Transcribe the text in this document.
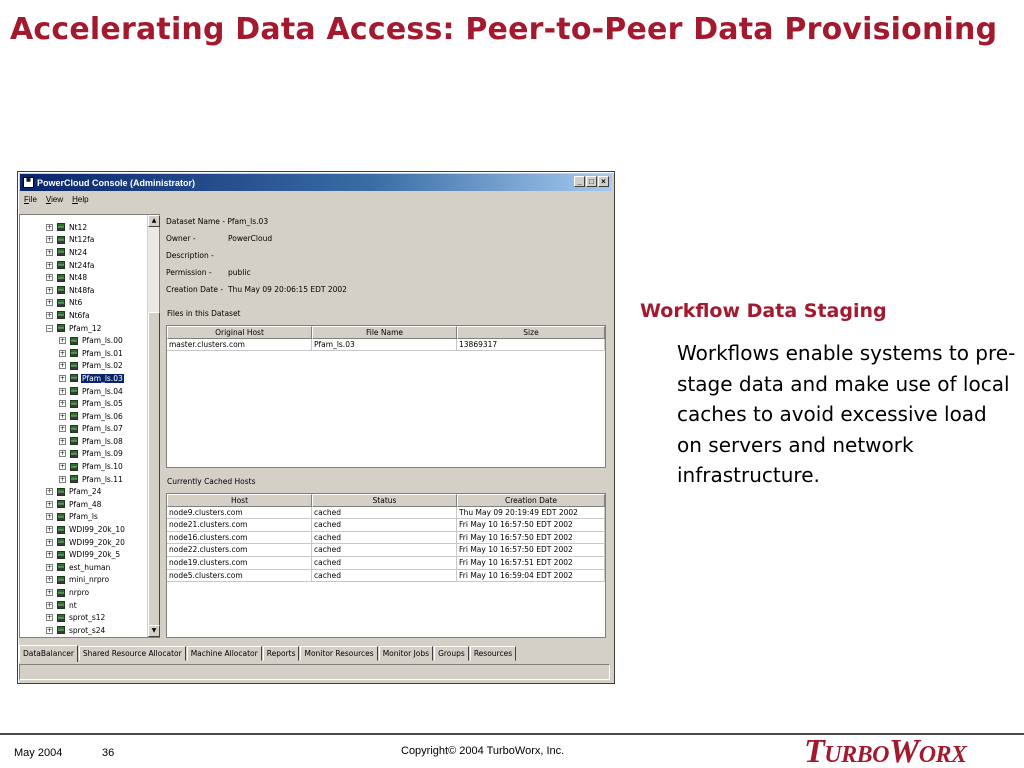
Accelerating Data Access: Peer-to-Peer Data Provisioning
▦ PowerCloud Console (Administrator)	_ □ ×
File View Help
+ Nt12
+ Nt12fa
+ Nt24
+ Nt24fa
+ Nt48
+ Nt48fa
+ Nt6
+ Nt6fa
− Pfam_12
+ Pfam_ls.00
+ Pfam_ls.01
+ Pfam_ls.02
+ Pfam_ls.03
+ Pfam_ls.04
+ Pfam_ls.05
+ Pfam_ls.06
+ Pfam_ls.07
+ Pfam_ls.08
+ Pfam_ls.09
+ Pfam_ls.10
+ Pfam_ls.11
+ Pfam_24
+ Pfam_48
+ Pfam_ls
+ WDI99_20k_10
+ WDI99_20k_20
+ WDI99_20k_5
+ est_human
+ mini_nrpro
+ nrpro
+ nt
+ sprot_s12
+ sprot_s24
▲
▼
Dataset Name - Pfam_ls.03
Owner -	PowerCloud
Description -
Permission - public
Creation Date - Thu May 09 20:06:15 EDT 2002
Files in this Dataset
Original Host	File Name	Size
master.clusters.com	Pfam_ls.03	13869317
Currently Cached Hosts
Host	Status	Creation Date
node9.clusters.com	cached	Thu May 09 20:19:49 EDT 2002
node21.clusters.com	cached	Fri May 10 16:57:50 EDT 2002
node16.clusters.com	cached	Fri May 10 16:57:50 EDT 2002
node22.clusters.com	cached	Fri May 10 16:57:50 EDT 2002
node19.clusters.com	cached	Fri May 10 16:57:51 EDT 2002
node5.clusters.com	cached	Fri May 10 16:59:04 EDT 2002
DataBalancer	Shared Resource Allocator	Machine Allocator	Reports	Monitor Resources	Monitor Jobs	Groups	Resources
Workflow Data Staging
Workflows enable systems to pre-stage data and make use of local caches to avoid excessive load on servers and network infrastructure.
May 2004	36	Copyright© 2004 TurboWorx, Inc.	TURBOWORX
